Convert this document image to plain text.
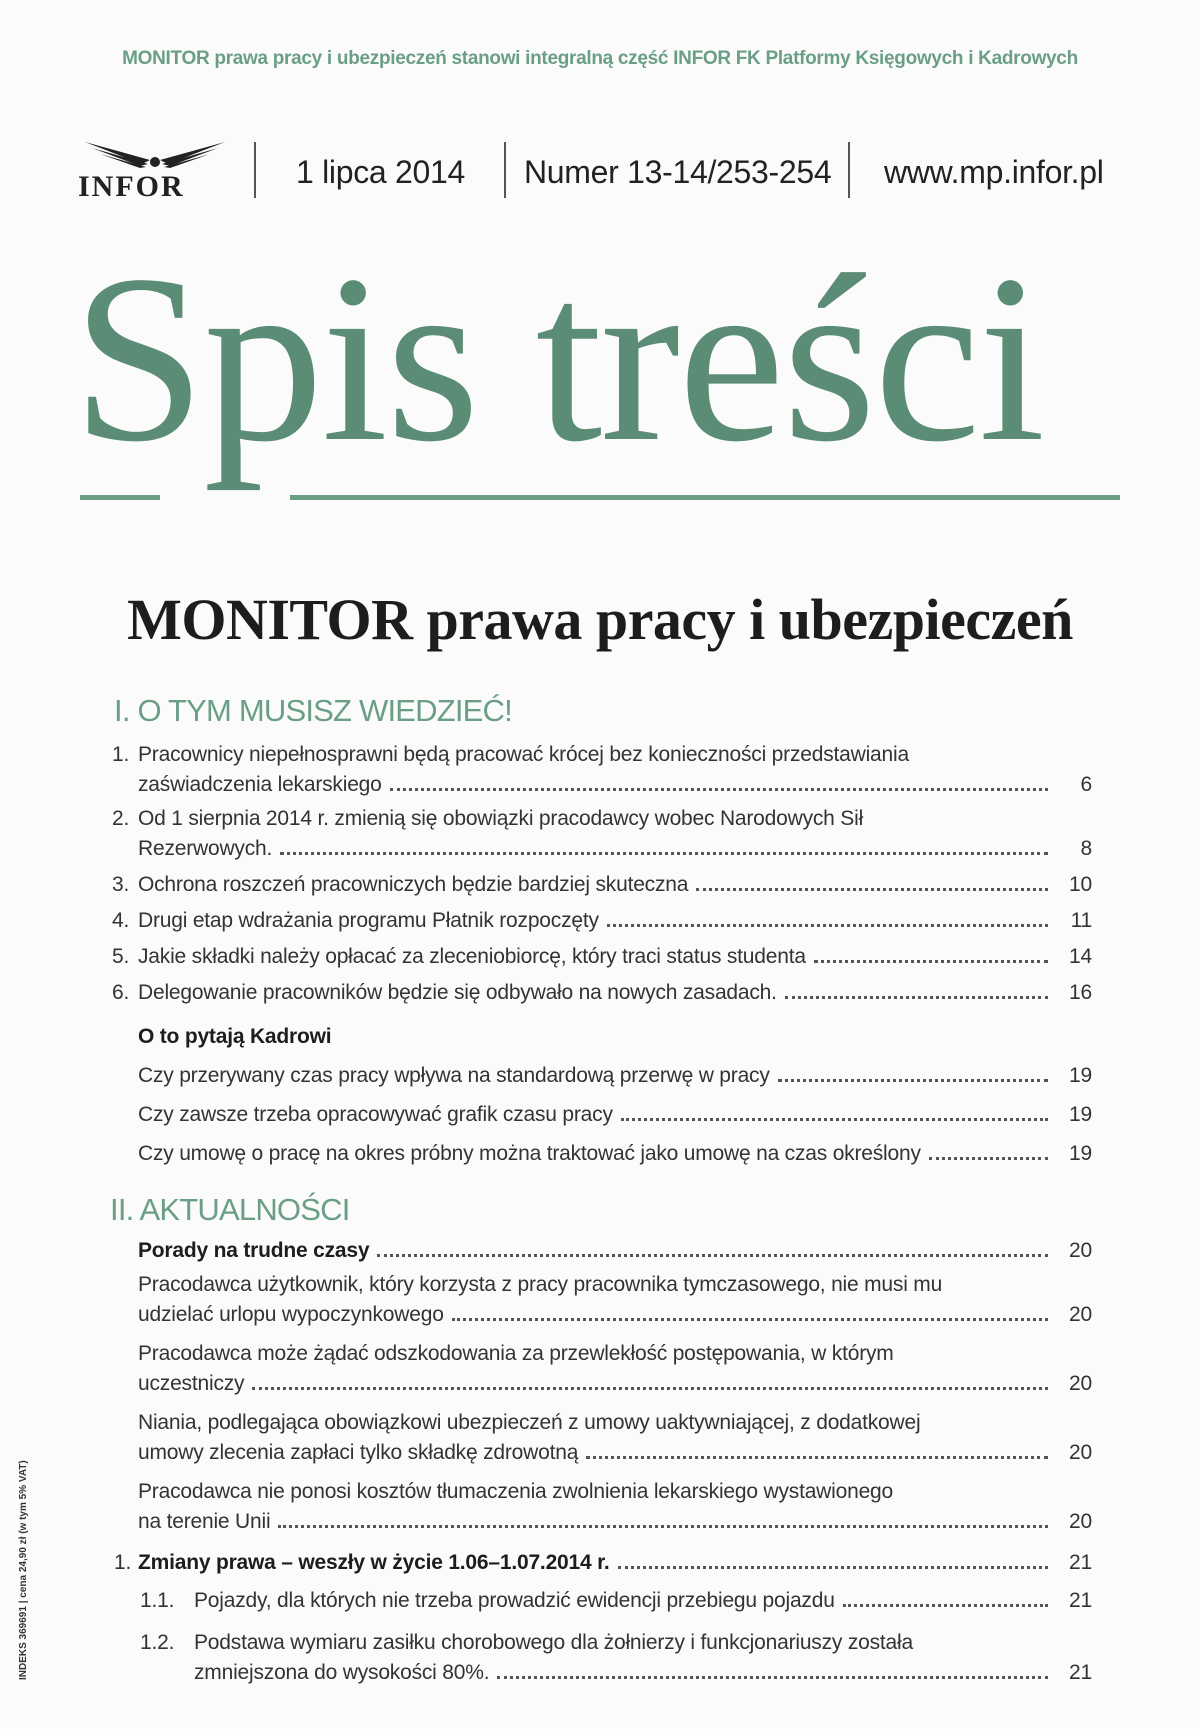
MONITOR prawa pracy i ubezpieczeń stanowi integralną część INFOR FK Platformy Księgowych i Kadrowych
INFOR	1 lipca 2014 Numer 13-14/253-254 www.mp.infor.pl
Spis treści
MONITOR prawa pracy i ubezpieczeń
I. O TYM MUSISZ WIEDZIEĆ!
1. Pracownicy niepełnosprawni będą pracować krócej bez konieczności przedstawiania
zaświadczenia lekarskiego	6
2. Od 1 sierpnia 2014 r. zmienią się obowiązki pracodawcy wobec Narodowych Sił
Rezerwowych.	8
3. Ochrona roszczeń pracowniczych będzie bardziej skuteczna	10
4. Drugi etap wdrażania programu Płatnik rozpoczęty	11
5. Jakie składki należy opłacać za zleceniobiorcę, który traci status studenta	14
6. Delegowanie pracowników będzie się odbywało na nowych zasadach.	16
O to pytają Kadrowi
Czy przerywany czas pracy wpływa na standardową przerwę w pracy	19
Czy zawsze trzeba opracowywać grafik czasu pracy	19
Czy umowę o pracę na okres próbny można traktować jako umowę na czas określony	19
II. AKTUALNOŚCI
Porady na trudne czasy	20
Pracodawca użytkownik, który korzysta z pracy pracownika tymczasowego, nie musi mu
udzielać urlopu wypoczynkowego	20
Pracodawca może żądać odszkodowania za przewlekłość postępowania, w którym
uczestniczy	20
Niania, podlegająca obowiązkowi ubezpieczeń z umowy uaktywniającej, z dodatkowej
umowy zlecenia zapłaci tylko składkę zdrowotną	20
Pracodawca nie ponosi kosztów tłumaczenia zwolnienia lekarskiego wystawionego
na terenie Unii	20
1. Zmiany prawa – weszły w życie 1.06–1.07.2014 r.	21
1.1. Pojazdy, dla których nie trzeba prowadzić ewidencji przebiegu pojazdu	21
1.2. Podstawa wymiaru zasiłku chorobowego dla żołnierzy i funkcjonariuszy została
zmniejszona do wysokości 80%.	21
INDEKS 369691 | cena 24,90 zł (w tym 5% VAT)
